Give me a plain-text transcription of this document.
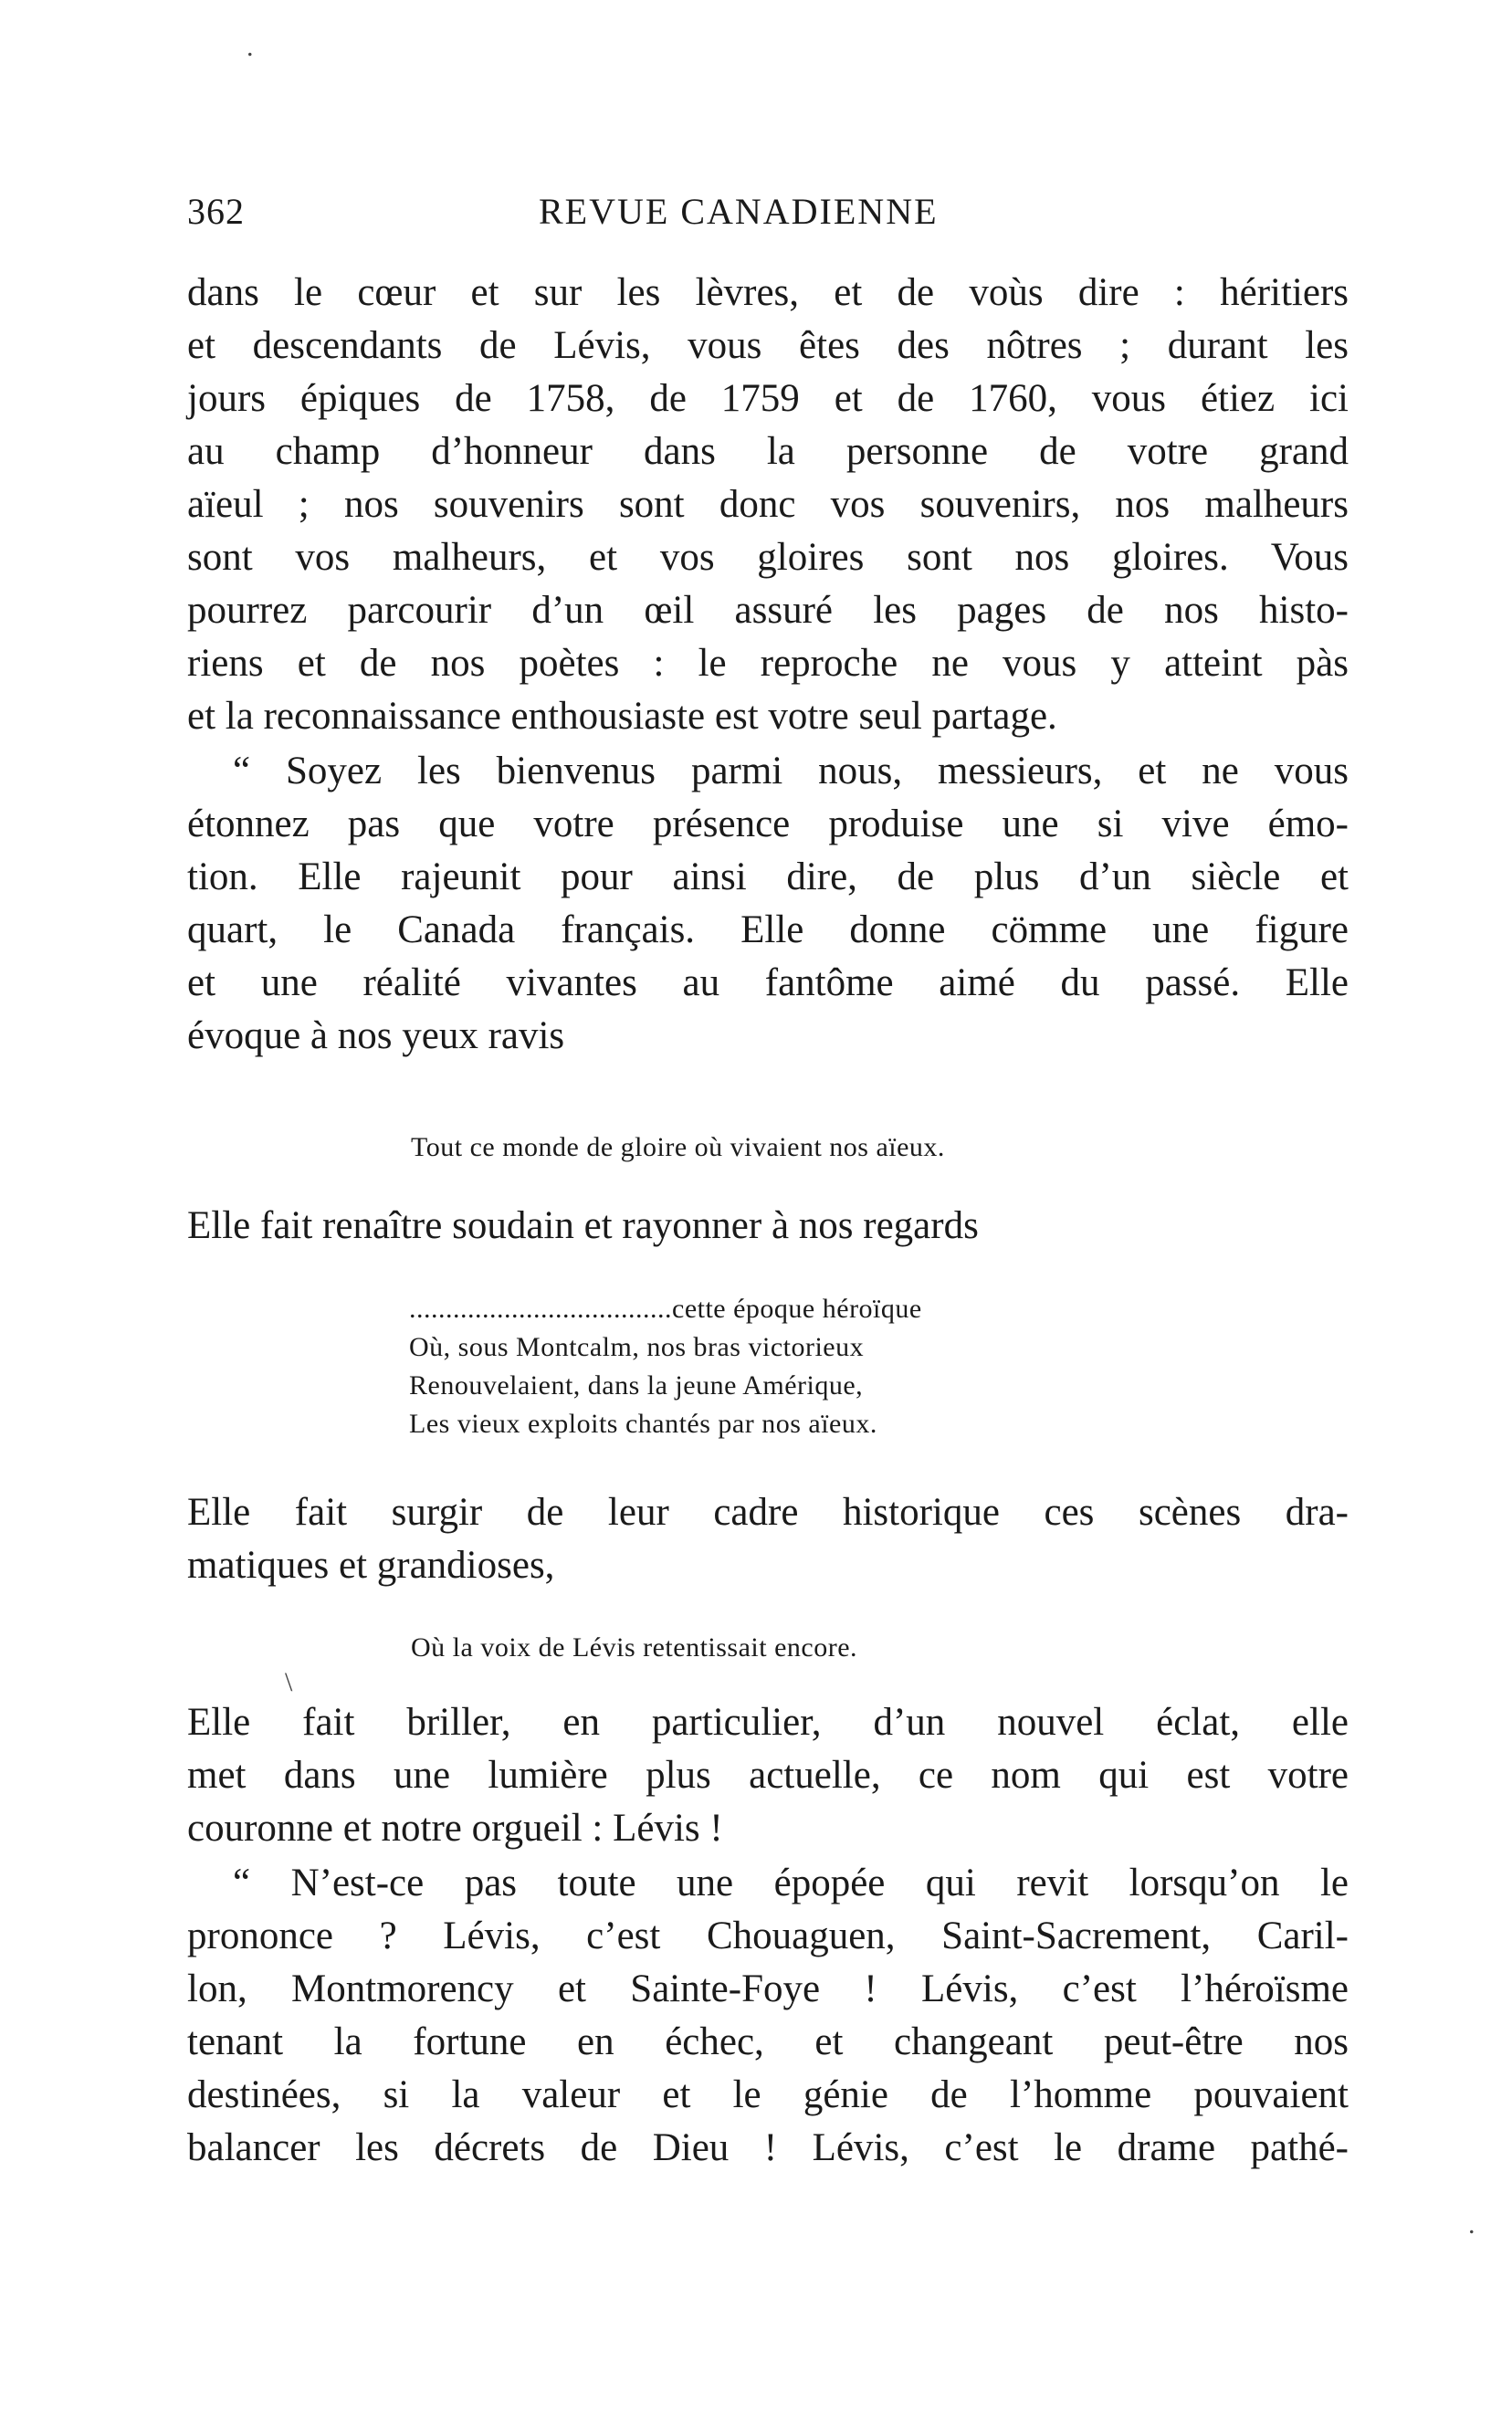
.
362	REVUE CANADIENNE
dans le cœur et sur les lèvres, et de voùs dire : héritiers
et descendants de Lévis, vous êtes des nôtres ; durant les
jours épiques de 1758, de 1759 et de 1760, vous étiez ici
au champ d’honneur dans la personne de votre grand
aïeul ; nos souvenirs sont donc vos souvenirs, nos malheurs
sont vos malheurs, et vos gloires sont nos gloires. Vous
pourrez parcourir d’un œil assuré les pages de nos histo-
riens et de nos poètes : le reproche ne vous y atteint pàs
et la reconnaissance enthousiaste est votre seul partage.
“ Soyez les bienvenus parmi nous, messieurs, et ne vous
étonnez pas que votre présence produise une si vive émo-
tion. Elle rajeunit pour ainsi dire, de plus d’un siècle et
quart, le Canada français. Elle donne cömme une figure
et une réalité vivantes au fantôme aimé du passé. Elle
évoque à nos yeux ravis
Tout ce monde de gloire où vivaient nos aïeux.
Elle fait renaître soudain et rayonner à nos regards
....................................cette époque héroïque
Où, sous Montcalm, nos bras victorieux
Renouvelaient, dans la jeune Amérique,
Les vieux exploits chantés par nos aïeux.
Elle fait surgir de leur cadre historique ces scènes dra-
matiques et grandioses,
Où la voix de Lévis retentissait encore.
\
Elle fait briller, en particulier, d’un nouvel éclat, elle
met dans une lumière plus actuelle, ce nom qui est votre
couronne et notre orgueil : Lévis !
“ N’est-ce pas toute une épopée qui revit lorsqu’on le
prononce ? Lévis, c’est Chouaguen, Saint-Sacrement, Caril-
lon, Montmorency et Sainte-Foye ! Lévis, c’est l’héroïsme
tenant la fortune en échec, et changeant peut-être nos
destinées, si la valeur et le génie de l’homme pouvaient
balancer les décrets de Dieu ! Lévis, c’est le drame pathé-
.
